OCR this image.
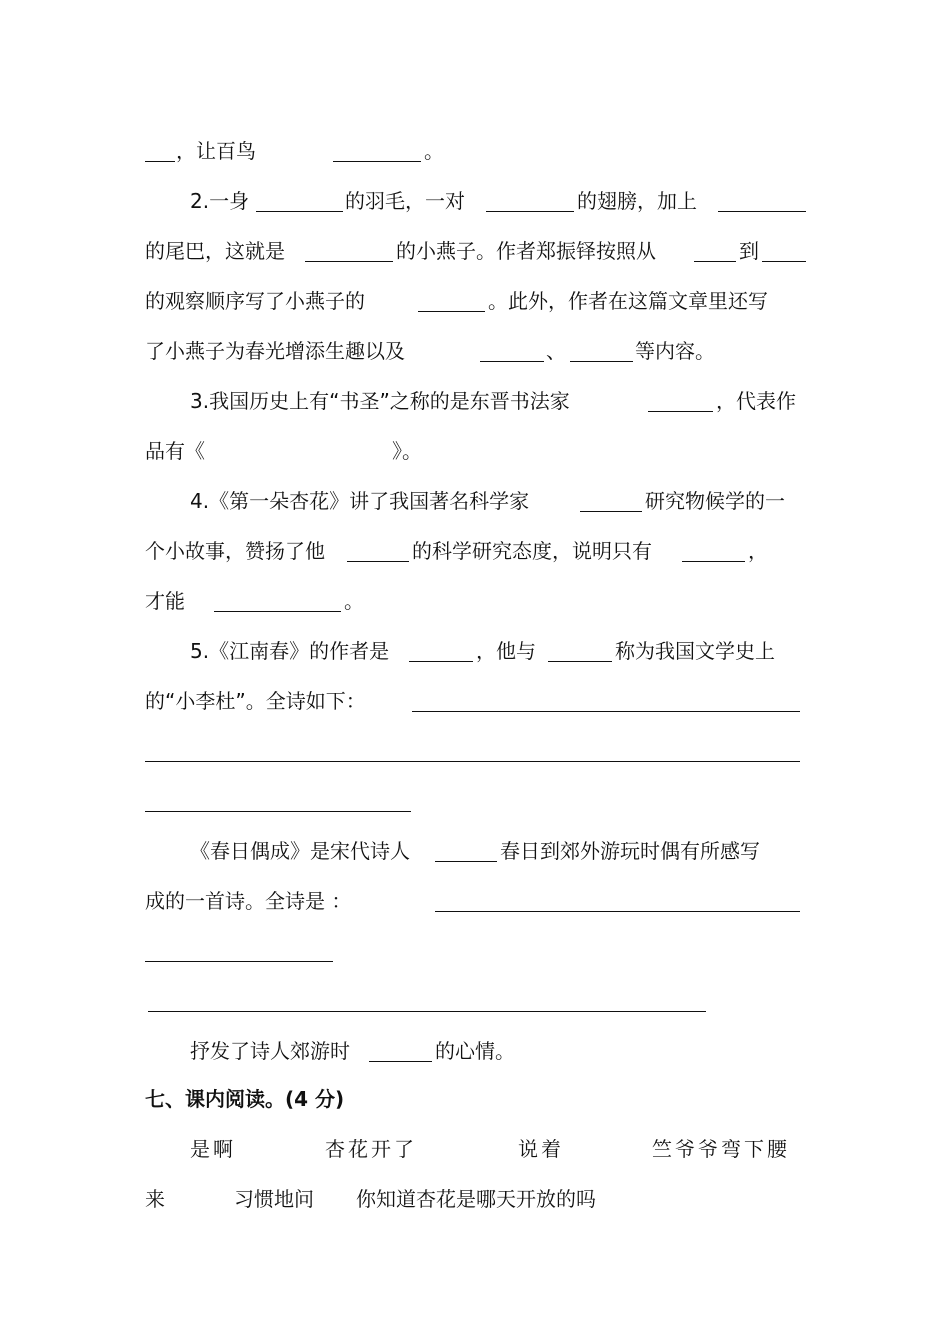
，让百鸟	。
2.一身	的羽毛，一对	的翅膀，加上
的尾巴，这就是	的小燕子。作者郑振铎按照从	到
的观察顺序写了小燕子的	。此外，作者在这篇文章里还写
了小燕子为春光增添生趣以及	、	等内容。
3.我国历史上有“书圣”之称的是东晋书法家	，代表作
品有《	》。
4.《第一朵杏花》讲了我国著名科学家	研究物候学的一
个小故事，赞扬了他	的科学研究态度，说明只有	，
才能	。
5.《江南春》的作者是	，他与	称为我国文学史上
的“小李杜”。全诗如下：
《春日偶成》是宋代诗人	春日到郊外游玩时偶有所感写
成的一首诗。全诗是 ：
抒发了诗人郊游时	的心情。
七、课内阅读。(4 分)
是啊	杏花开了	说着	竺爷爷弯下腰
来	习惯地问 你知道杏花是哪天开放的吗
